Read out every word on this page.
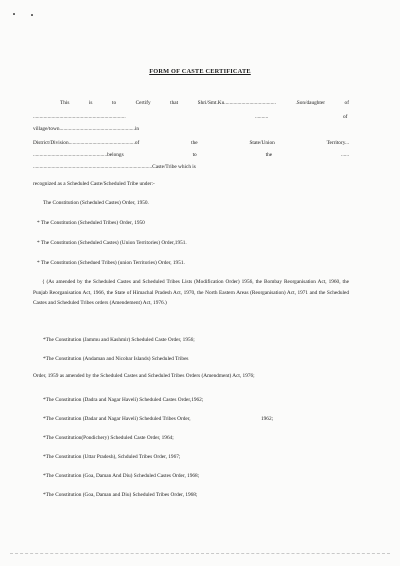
FORM OF CASTE CERTIFICATE
This	is	to	Certify	that	Shri/Smt.Ku.......................................	.Son/daughter	of
......................................................................	..........	of
village/town.........................................................in
District/Division..................................................of	the	State/Union	Territory...
........................................................belongs	to	the	......
..........................................................................................Caste/Tribe which is
recognized as a Scheduled Caste/Scheduled Tribe under:-
The Constitution (Scheduled Castes) Order, 1950.
* The Constitution (Scheduled Tribes) Order, 1950
* The Constitution (Scheduled Castes) (Union Territories) Order,1951.
* The Constitution (Schedued Tribes) (union Territories) Order, 1951.
{ (As amended by the Scheduled Castes and Scheduled Tribes Lists (Modification Order) 1956, the Bombay Reorganisation Act, 1960, the Punjab Reorganisation Act, 1966, the State of Himachal Pradesh Act, 1970, the North Eastern Areas (Reorganisation) Act, 1971 and the Scheduled Castes and Scheduled Tribes orders (Amendement) Act, 1976.)
*The Constitution (Jammu and Kashmir) Scheduled Caste Order, 1956;
*The Constitution (Andaman and Nicobar Islands) Scheduled Tribes
Order, 1959 as amended by the Scheduled Castes and Scheduled Tribes Orders (Amendment) Act, 1976;
*The Constitution (Dadra and Nagar Haveli) Scheduled Castes Order,1962;
*The Constitution (Dadar and Nagar Haveli) Scheduled Tribes Order,	1962;
*The Constitution(Pondichery) Scheduled Caste Order, 1964;
*The Constitution (Uttar Pradesh), Schduled Tribes Order, 1967;
*The Constitution (Goa, Daman And Diu) Scheduled Castes Order, 1968;
*The Constitution (Goa, Daman and Diu) Scheduled Tribes Order, 1968;
